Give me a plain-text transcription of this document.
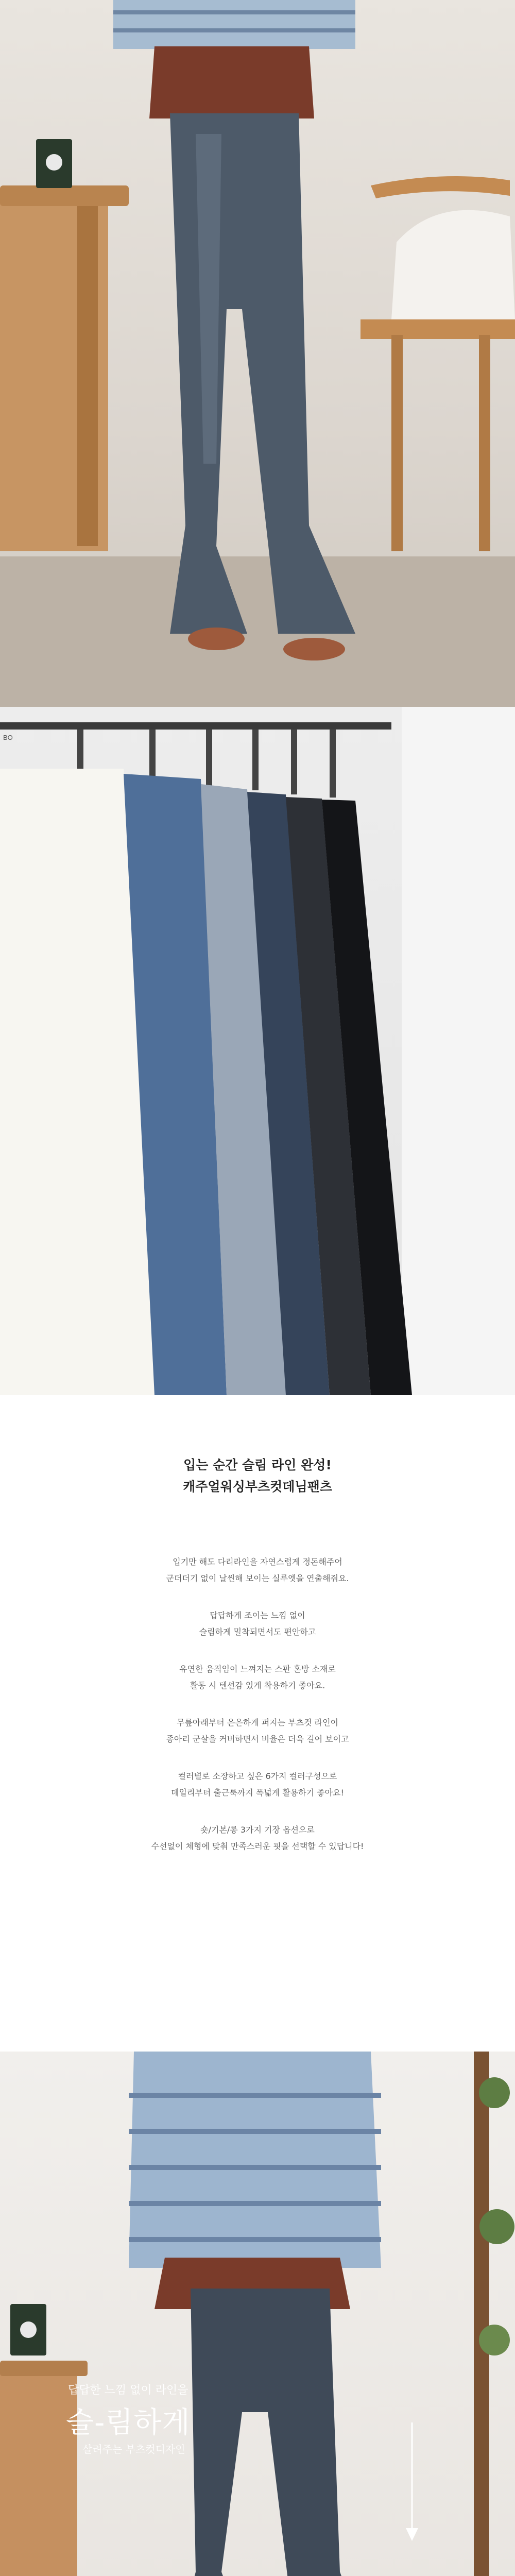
BO
입는 순간 슬림 라인 완성!
캐주얼워싱부츠컷데님팬츠
입기만 해도 다리라인을 자연스럽게 정돈해주어
군더더기 없이 날씬해 보이는 실루엣을 연출해줘요.
답답하게 조이는 느낌 없이
슬림하게 밀착되면서도 편안하고
유연한 움직임이 느껴지는 스판 혼방 소재로
활동 시 텐션감 있게 착용하기 좋아요.
무릎아래부터 은은하게 퍼지는 부츠컷 라인이
종아리 군살을 커버하면서 비율은 더욱 길어 보이고
컬러별로 소장하고 싶은 6가지 컬러구성으로
데일리부터 출근룩까지 폭넓게 활용하기 좋아요!
숏/기본/롱 3가지 기장 옵션으로
수선없이 체형에 맞춰 만족스러운 핏을 선택할 수 있답니다!
답답한 느낌 없이 라인을
슬-림하게
살려주는 부츠컷디자인
